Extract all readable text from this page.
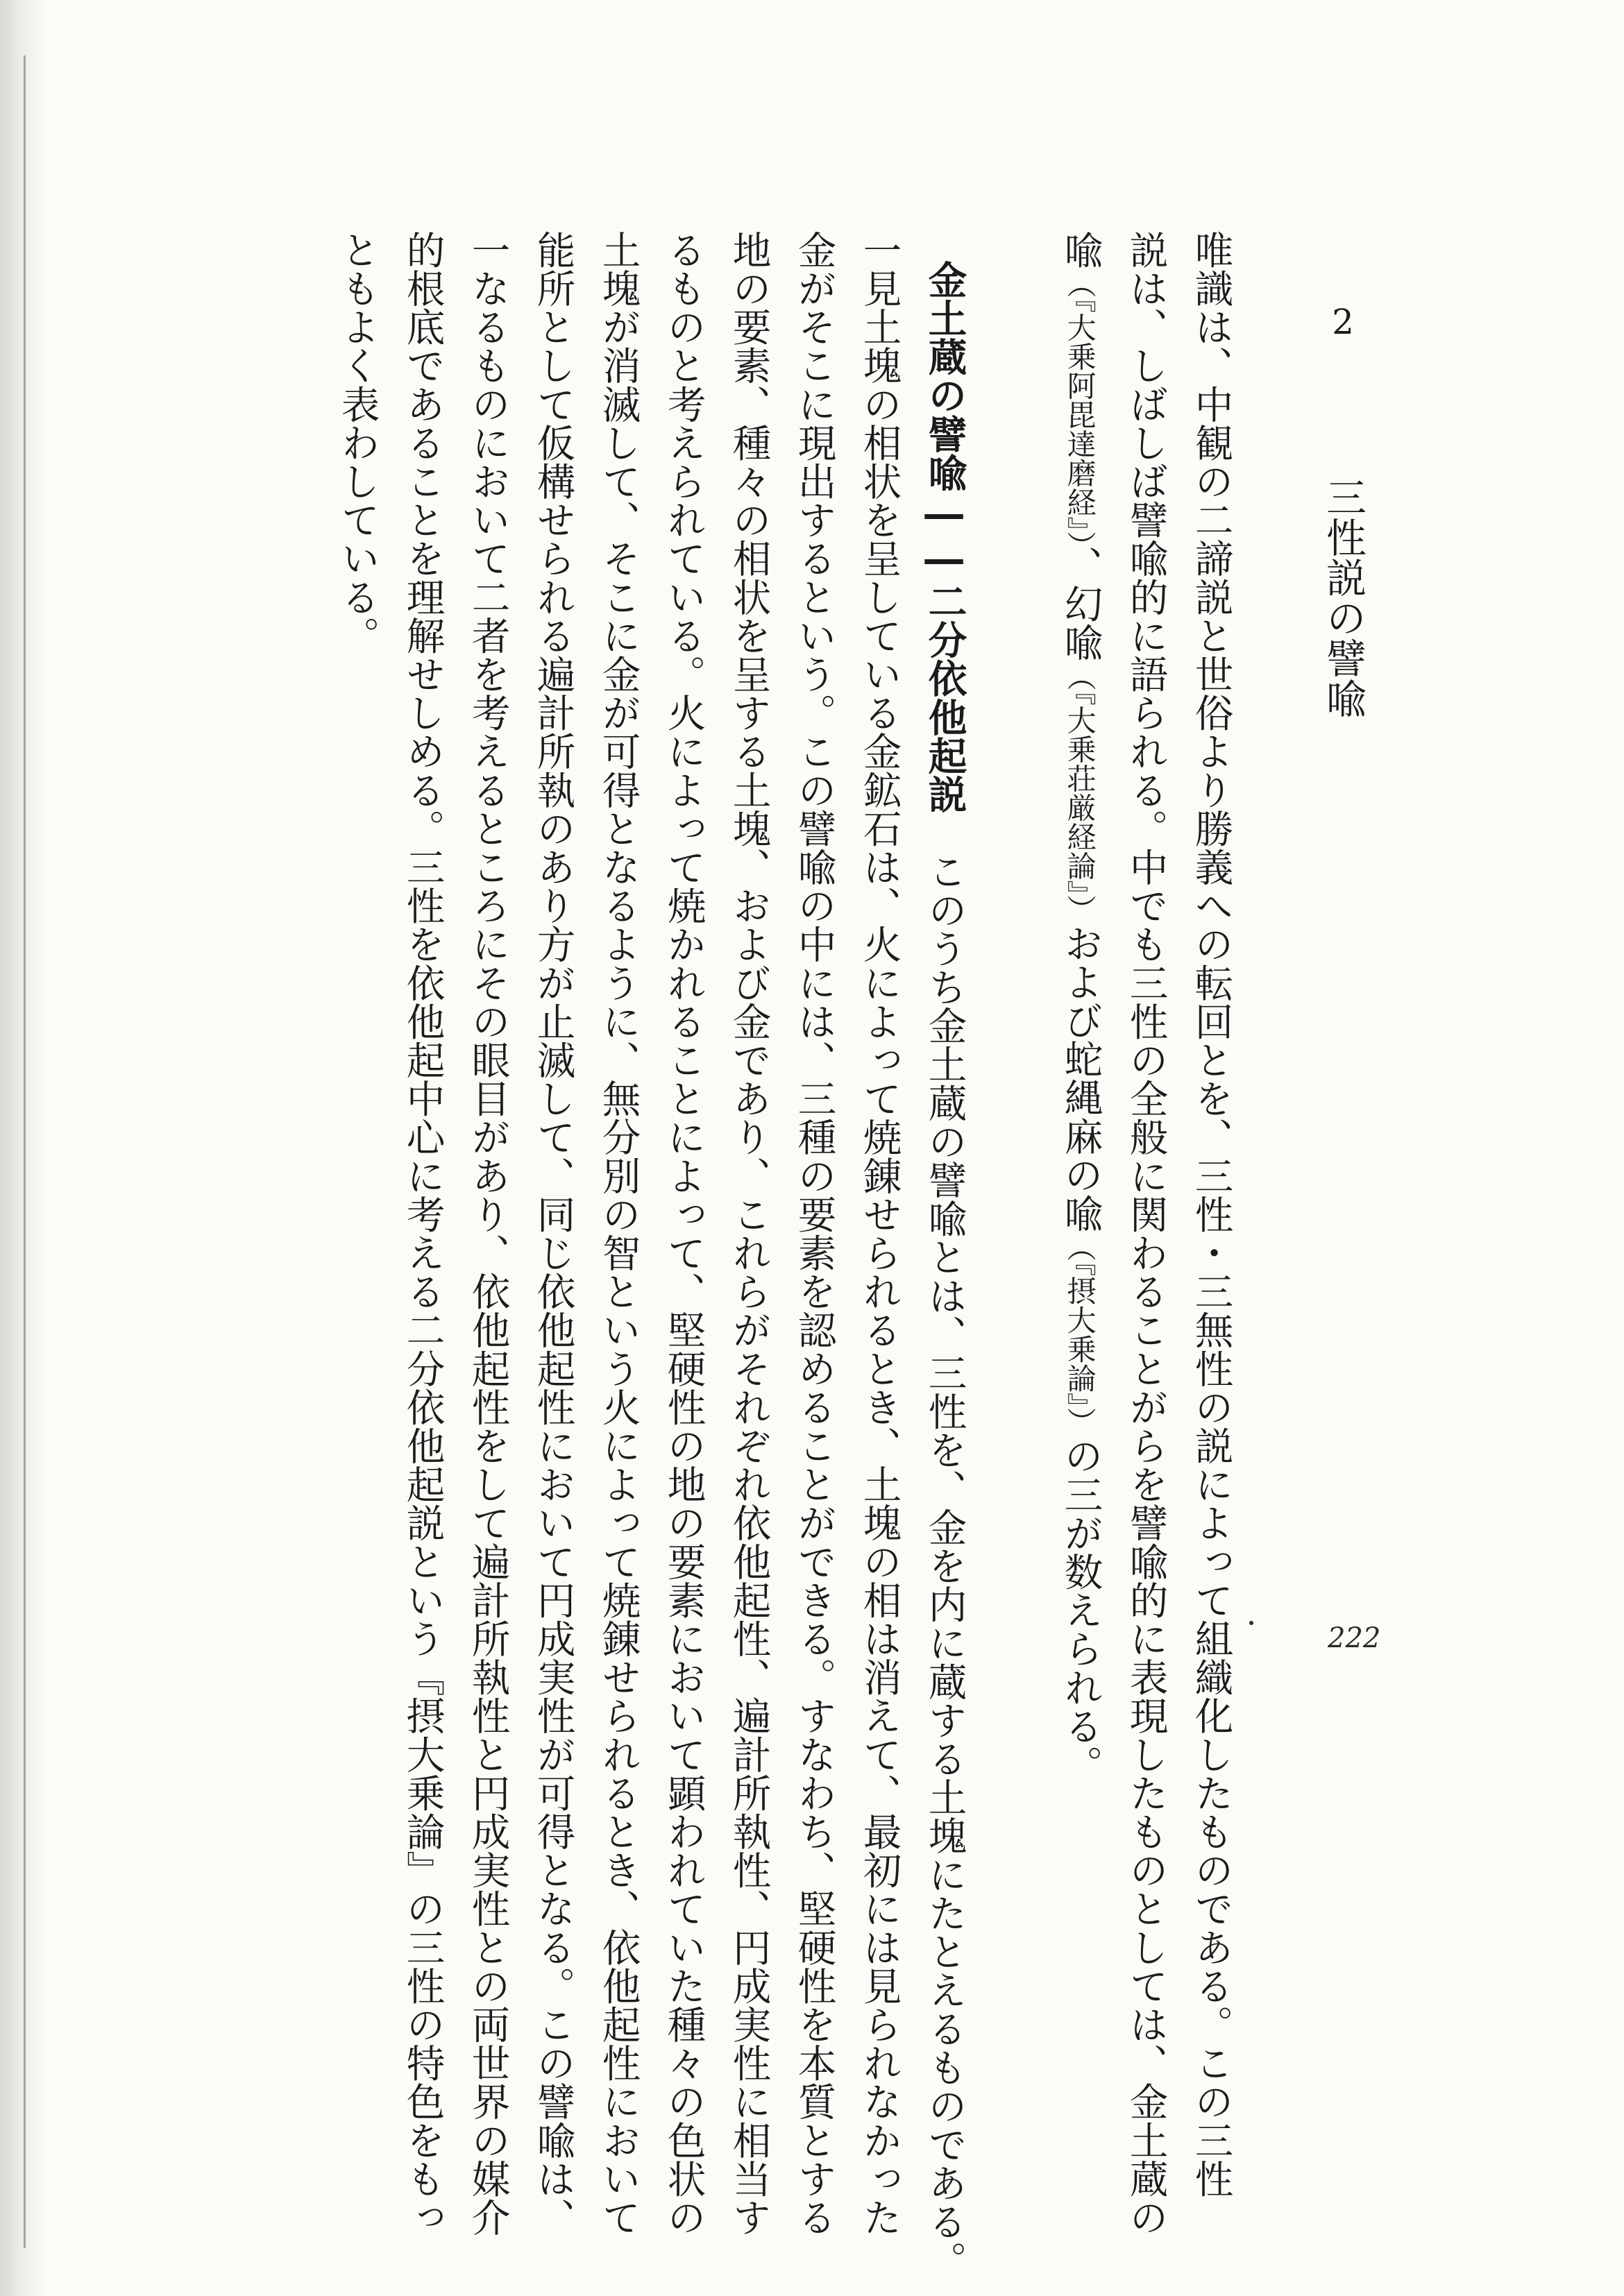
2 　 三性説の譬喩
唯識は、中観の二諦説と世俗より勝義への転回とを、三性・三無性の説によって組織化したものである。この三性
説は、しばしば譬喩的に語られる。中でも三性の全般に関わることがらを譬喩的に表現したものとしては、金土蔵の
喩（『大乗阿毘達磨経』）、幻喩（『大乗荘厳経論』）および蛇縄麻の喩（『摂大乗論』）の三が数えられる。
金土蔵の譬喩――二分依他起説　このうち金土蔵の譬喩とは、三性を、金を内に蔵する土塊にたとえるものである。
一見土塊の相状を呈している金鉱石は、火によって焼錬せられるとき、土塊の相は消えて、最初には見られなかった
金がそこに現出するという。この譬喩の中には、三種の要素を認めることができる。すなわち、堅硬性を本質とする
地の要素、種々の相状を呈する土塊、および金であり、これらがそれぞれ依他起性、遍計所執性、円成実性に相当す
るものと考えられている。火によって焼かれることによって、堅硬性の地の要素において顕われていた種々の色状の
土塊が消滅して、そこに金が可得となるように、無分別の智という火によって焼錬せられるとき、依他起性において
能所として仮構せられる遍計所執のあり方が止滅して、同じ依他起性において円成実性が可得となる。この譬喩は、
一なるものにおいて二者を考えるところにその眼目があり、依他起性をして遍計所執性と円成実性との両世界の媒介
的根底であることを理解せしめる。三性を依他起中心に考える二分依他起説という『摂大乗論』の三性の特色をもっ
ともよく表わしている。
222
